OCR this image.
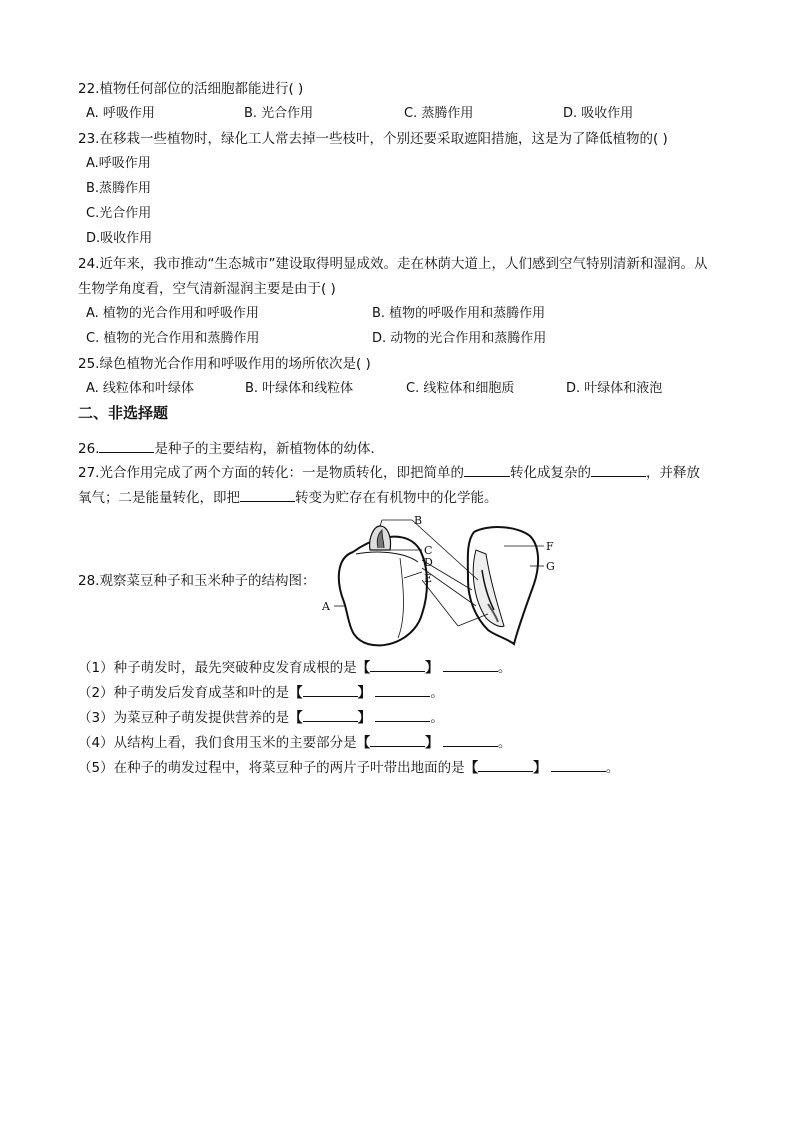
22.植物任何部位的活细胞都能进行( )
A. 呼吸作用	B. 光合作用	C. 蒸腾作用	D. 吸收作用
23.在移栽一些植物时，绿化工人常去掉一些枝叶，个别还要采取遮阳措施，这是为了降低植物的( )
A.呼吸作用
B.蒸腾作用
C.光合作用
D.吸收作用
24.近年来，我市推动“生态城市”建设取得明显成效。走在林荫大道上，人们感到空气特别清新和湿润。从
生物学角度看，空气清新湿润主要是由于( )
A. 植物的光合作用和呼吸作用	B. 植物的呼吸作用和蒸腾作用
C. 植物的光合作用和蒸腾作用	D. 动物的光合作用和蒸腾作用
25.绿色植物光合作用和呼吸作用的场所依次是( )
A. 线粒体和叶绿体	B. 叶绿体和线粒体	C. 线粒体和细胞质	D. 叶绿体和液泡
二、非选择题
26.	是种子的主要结构，新植物体的幼体．
27.光合作用完成了两个方面的转化：一是物质转化，即把简单的	转化成复杂的	，并释放
氧气；二是能量转化，即把	转变为贮存在有机物中的化学能。
28.观察菜豆种子和玉米种子的结构图：
B
C
D
E
F
G
A
（1）种子萌发时，最先突破种皮发育成根的是【	】	。
（2）种子萌发后发育成茎和叶的是【	】	。
（3）为菜豆种子萌发提供营养的是【	】	。
（4）从结构上看，我们食用玉米的主要部分是【	】	。
（5）在种子的萌发过程中，将菜豆种子的两片子叶带出地面的是【	】	。
